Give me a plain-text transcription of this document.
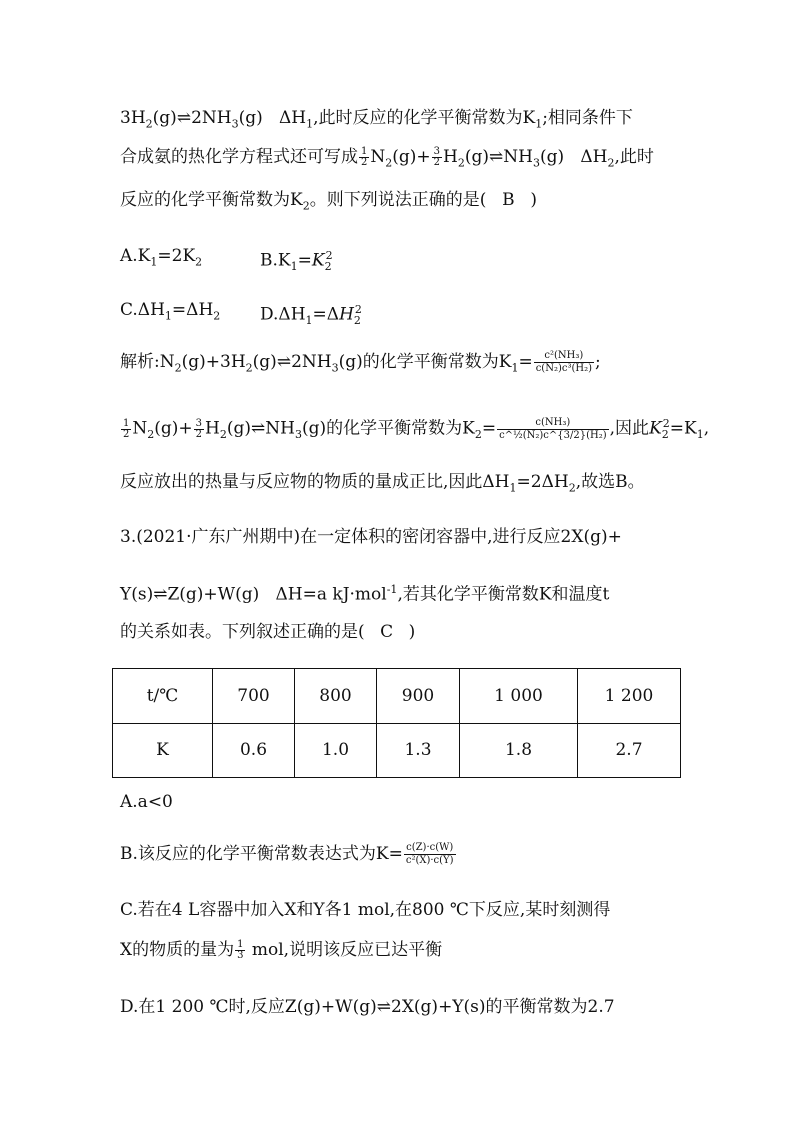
$3H_2(g)\rightleftharpoons 2NH_3(g)$ $\Delta H_1$,此时反应的化学平衡常数为$K_1$;相同条件下
合成氨的热化学方程式还可写成 $\frac{1}{2} N_2(g)+ \frac{3}{2}$ $H_2(g)\rightleftharpoons NH_3(g)$ $\Delta H_2$,此时
反应的化学平衡常数为$K_2$。则下列说法正确的是( B )
$A.K_1=2K_2$	$B.K_1=K_2^2$
$C.\Delta H_1=\Delta H_2$ $D.\Delta H_1=\Delta H_2^2$
解析$:N_2(g)+3H_2(g)\rightleftharpoons 2NH_3(g)$的化学平衡常数为$K_1= \frac{\text{c²(NH₃)}}{\text{c(N₂)c³(H₂)}}$ ;
$\frac{1}{2} N_2(g)+ \frac{3}{2}$ $H_2(g)\rightleftharpoons NH_3(g)$的化学平衡常数为$K_2= \frac{\text{c(NH₃)}}{\text{c\textasciicircum{}½(N₂)c\textasciicircum{}\{3/2\}(H₂)}}$ ,因此$K_2^2=K_1$,
反应放出的热量与反应物的物质的量成正比,因此$\Delta H_1=2\Delta H_2$,故选B。
3.(2021·广东广州期中)在一定体积的密闭容器中,进行反应2X(g)+
Y(s)⇌Z(g)+W(g) ΔH=a kJ·mol$^{-1}$,若其化学平衡常数K和温度t
的关系如表。下列叙述正确的是( C )
t/℃	700	800	900	1 000	1 200
K	0.6	1.0	1.3	1.8	2.7
A.a<0
B.该反应的化学平衡常数表达式为$K= \frac{c(Z)\cdot c(W)}{\text{c²(X)·c(Y)}}$
C.若在4 L容器中加入X和Y各1 mol,在800 ℃下反应,某时刻测得
X的物质的量为 $\frac{1}{3}$ mol,说明该反应已达平衡
D.在1 200 ℃时,反应Z(g)+W(g)⇌2X(g)+Y(s)的平衡常数为2.7
